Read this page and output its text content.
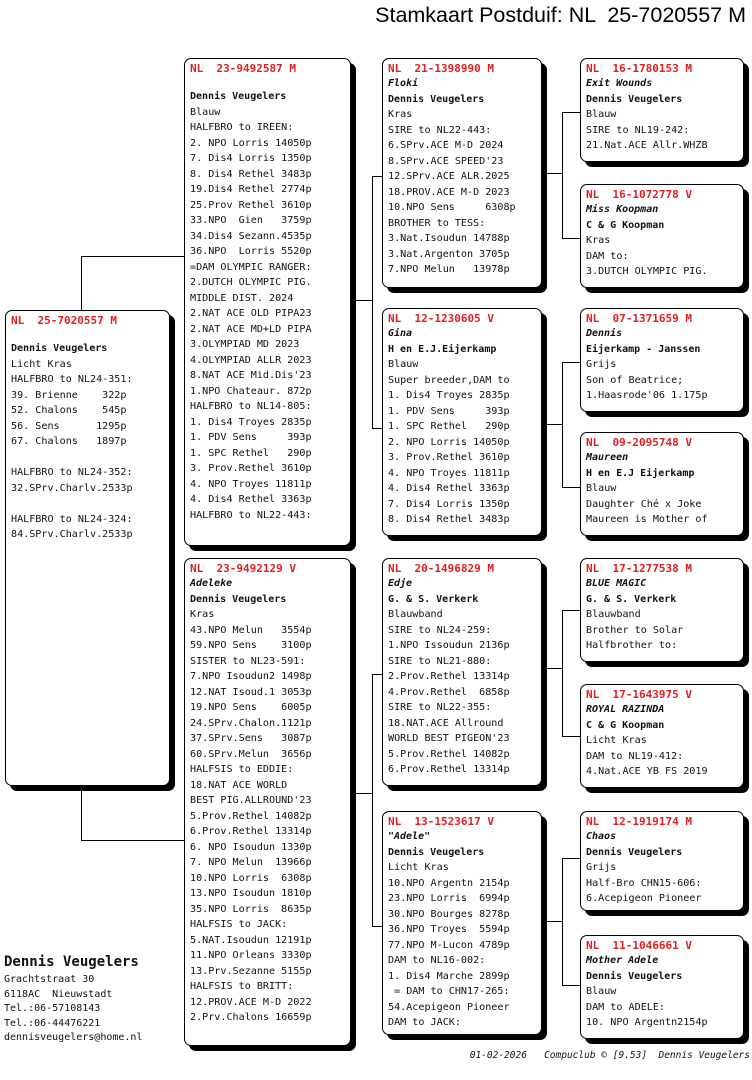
Stamkaart Postduif: NL  25-7020557 M
NL  25-7020557 M
Dennis Veugelers
Licht Kras
HALFBRO to NL24-351:
39. Brienne    322p
52. Chalons    545p
56. Sens      1295p
67. Chalons   1897p
HALFBRO to NL24-352:
32.SPrv.Charlv.2533p
HALFBRO to NL24-324:
84.SPrv.Charlv.2533p
NL  23-9492587 M
Dennis Veugelers
Blauw
HALFBRO to IREEN:
2. NPO Lorris 14050p
7. Dis4 Lorris 1350p
8. Dis4 Rethel 3483p
19.Dis4 Rethel 2774p
25.Prov Rethel 3610p
33.NPO  Gien   3759p
34.Dis4 Sezann.4535p
36.NPO  Lorris 5520p
=DAM OLYMPIC RANGER:
2.DUTCH OLYMPIC PIG.
MIDDLE DIST. 2024
2.NAT ACE OLD PIPA23
2.NAT ACE MD+LD PIPA
3.OLYMPIAD MD 2023
4.OLYMPIAD ALLR 2023
8.NAT ACE Mid.Dis'23
1.NPO Chateaur. 872p
HALFBRO to NL14-805:
1. Dis4 Troyes 2835p
1. PDV Sens     393p
1. SPC Rethel   290p
3. Prov.Rethel 3610p
4. NPO Troyes 11811p
4. Dis4 Rethel 3363p
HALFBRO to NL22-443:
NL  23-9492129 V
Adeleke
Dennis Veugelers
Kras
43.NPO Melun   3554p
59.NPO Sens    3100p
SISTER to NL23-591:
7.NPO Isoudun2 1498p
12.NAT Isoud.1 3053p
19.NPO Sens    6005p
24.SPrv.Chalon.1121p
37.SPrv.Sens   3087p
60.SPrv.Melun  3656p
HALFSIS to EDDIE:
18.NAT ACE WORLD
BEST PIG.ALLROUND'23
5.Prov.Rethel 14082p
6.Prov.Rethel 13314p
6. NPO Isoudun 1330p
7. NPO Melun  13966p
10.NPO Lorris  6308p
13.NPO Isoudun 1810p
35.NPO Lorris  8635p
HALFSIS to JACK:
5.NAT.Isoudun 12191p
11.NPO Orleans 3330p
13.Prv.Sezanne 5155p
HALFSIS to BRITT:
12.PROV.ACE M-D 2022
2.Prv.Chalons 16659p
NL  21-1398990 M
Floki
Dennis Veugelers
Kras
SIRE to NL22-443:
6.SPrv.ACE M-D 2024
8.SPrv.ACE SPEED'23
12.SPrv.ACE ALR.2025
18.PROV.ACE M-D 2023
10.NPO Sens     6308p
BROTHER to TESS:
3.Nat.Isoudun 14788p
3.Nat.Argenton 3705p
7.NPO Melun   13978p
NL  12-1230605 V
Gina
H en E.J.Eijerkamp
Blauw
Super breeder,DAM to
1. Dis4 Troyes 2835p
1. PDV Sens     393p
1. SPC Rethel   290p
2. NPO Lorris 14050p
3. Prov.Rethel 3610p
4. NPO Troyes 11811p
4. Dis4 Rethel 3363p
7. Dis4 Lorris 1350p
8. Dis4 Rethel 3483p
NL  20-1496829 M
Edje
G. & S. Verkerk
Blauwband
SIRE to NL24-259:
1.NPO Issoudun 2136p
SIRE to NL21-880:
2.Prov.Rethel 13314p
4.Prov.Rethel  6858p
SIRE to NL22-355:
18.NAT.ACE Allround
WORLD BEST PIGEON'23
5.Prov.Rethel 14082p
6.Prov.Rethel 13314p
NL  13-1523617 V
"Adele"
Dennis Veugelers
Licht Kras
10.NPO Argentn 2154p
23.NPO Lorris  6994p
30.NPO Bourges 8278p
36.NPO Troyes  5594p
77.NPO M-Lucon 4789p
DAM to NL16-002:
1. Dis4 Marche 2899p
= DAM to CHN17-265:
54.Acepigeon Pioneer
DAM to JACK:
NL  16-1780153 M
Exit Wounds
Dennis Veugelers
Blauw
SIRE to NL19-242:
21.Nat.ACE Allr.WHZB
NL  16-1072778 V
Miss Koopman
C & G Koopman
Kras
DAM to:
3.DUTCH OLYMPIC PIG.
NL  07-1371659 M
Dennis
Eijerkamp - Janssen
Grijs
Son of Beatrice;
1.Haasrode'06 1.175p
NL  09-2095748 V
Maureen
H en E.J Eijerkamp
Blauw
Daughter Ché x Joke
Maureen is Mother of
NL  17-1277538 M
BLUE MAGIC
G. & S. Verkerk
Blauwband
Brother to Solar
Halfbrother to:
NL  17-1643975 V
ROYAL RAZINDA
C & G Koopman
Licht Kras
DAM to NL19-412:
4.Nat.ACE YB FS 2019
NL  12-1919174 M
Chaos
Dennis Veugelers
Grijs
Half-Bro CHN15-606:
6.Acepigeon Pioneer
NL  11-1046661 V
Mother Adele
Dennis Veugelers
Blauw
DAM to ADELE:
10. NPO Argentn2154p
Dennis Veugelers
Grachtstraat 30
6118AC  Nieuwstadt
Tel.:06-57108143
Tel.:06-44476221
dennisveugelers@home.nl
01-02-2026   Compuclub © [9.53]  Dennis Veugelers
